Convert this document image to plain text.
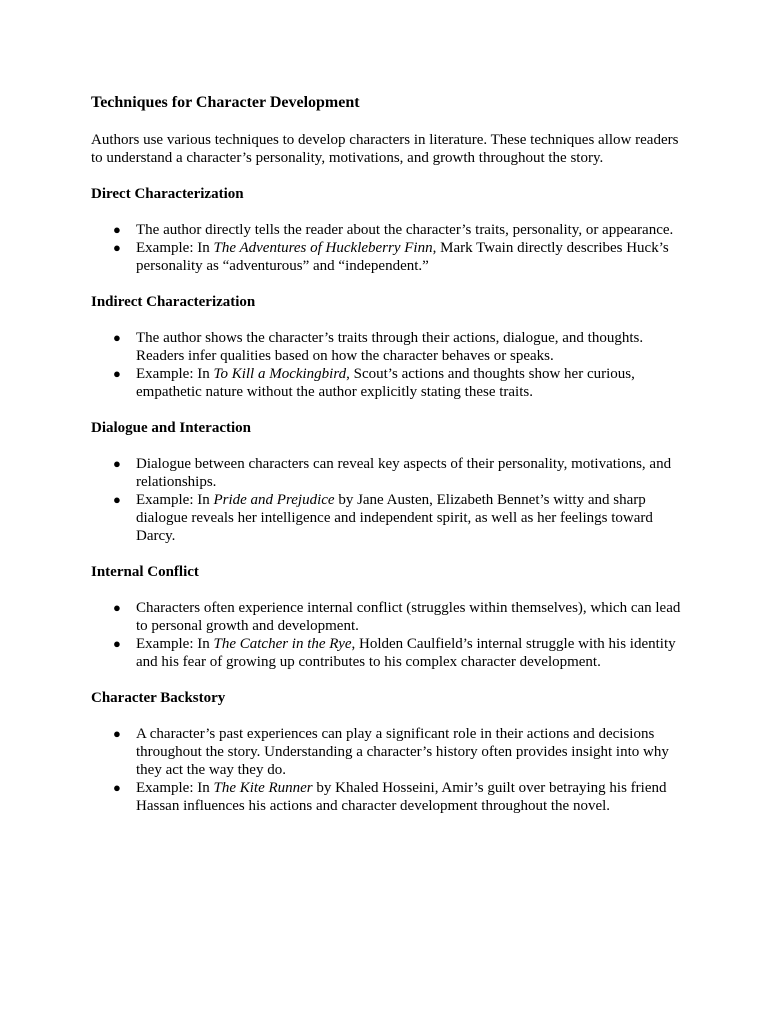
Techniques for Character Development

Authors use various techniques to develop characters in literature. These techniques allow readers to understand a character’s personality, motivations, and growth throughout the story.

Direct Characterization
● The author directly tells the reader about the character’s traits, personality, or appearance.
● Example: In The Adventures of Huckleberry Finn, Mark Twain directly describes Huck’s personality as “adventurous” and “independent.”
Indirect Characterization
● The author shows the character’s traits through their actions, dialogue, and thoughts. Readers infer qualities based on how the character behaves or speaks.
● Example: In To Kill a Mockingbird, Scout’s actions and thoughts show her curious, empathetic nature without the author explicitly stating these traits.
Dialogue and Interaction
● Dialogue between characters can reveal key aspects of their personality, motivations, and relationships.
● Example: In Pride and Prejudice by Jane Austen, Elizabeth Bennet’s witty and sharp dialogue reveals her intelligence and independent spirit, as well as her feelings toward Darcy.
Internal Conflict
● Characters often experience internal conflict (struggles within themselves), which can lead to personal growth and development.
● Example: In The Catcher in the Rye, Holden Caulfield’s internal struggle with his identity and his fear of growing up contributes to his complex character development.
Character Backstory
● A character’s past experiences can play a significant role in their actions and decisions throughout the story. Understanding a character’s history often provides insight into why they act the way they do.
● Example: In The Kite Runner by Khaled Hosseini, Amir’s guilt over betraying his friend Hassan influences his actions and character development throughout the novel.
